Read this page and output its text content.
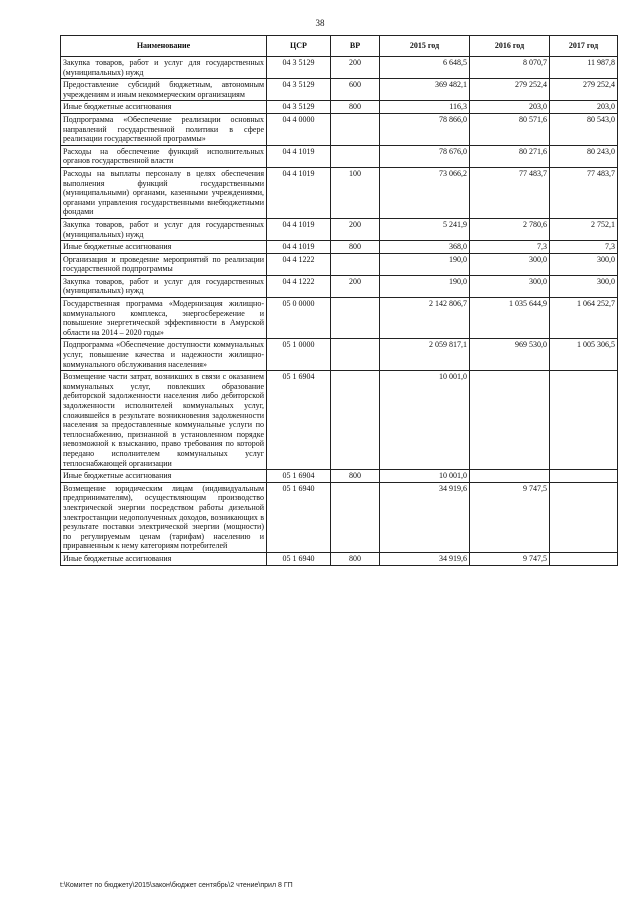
38
Наименование	ЦСР	ВР	2015 год	2016 год	2017 год
Закупка товаров, работ и услуг для государственных (муниципальных) нужд	04 3 5129	200	6 648,5	8 070,7	11 987,8
Предоставление субсидий бюджетным, автономным учреждениям и иным некоммерческим организациям	04 3 5129	600	369 482,1	279 252,4	279 252,4
Иные бюджетные ассигнования	04 3 5129	800	116,3	203,0	203,0
Подпрограмма «Обеспечение реализации основных направлений государственной политики в сфере реализации государственной программы»	04 4 0000		78 866,0	80 571,6	80 543,0
Расходы на обеспечение функций исполнительных органов государственной власти	04 4 1019		78 676,0	80 271,6	80 243,0
Расходы на выплаты персоналу в целях обеспечения выполнения функций государственными (муниципальными) органами, казенными учреждениями, органами управления государственными внебюджетными фондами	04 4 1019	100	73 066,2	77 483,7	77 483,7
Закупка товаров, работ и услуг для государственных (муниципальных) нужд	04 4 1019	200	5 241,9	2 780,6	2 752,1
Иные бюджетные ассигнования	04 4 1019	800	368,0	7,3	7,3
Организация и проведение мероприятий по реализации государственной подпрограммы	04 4 1222		190,0	300,0	300,0
Закупка товаров, работ и услуг для государственных (муниципальных) нужд	04 4 1222	200	190,0	300,0	300,0
Государственная программа «Модернизация жилищно-коммунального комплекса, энергосбережение и повышение энергетической эффективности в Амурской области на 2014 – 2020 годы»	05 0 0000		2 142 806,7	1 035 644,9	1 064 252,7
Подпрограмма «Обеспечение доступности коммунальных услуг, повышение качества и надежности жилищно-коммунального обслуживания населения»	05 1 0000		2 059 817,1	969 530,0	1 005 306,5
Возмещение части затрат, возникших в связи с оказанием коммунальных услуг, повлекших образование дебиторской задолженности населения либо дебиторской задолженности исполнителей коммунальных услуг, сложившейся в результате возникновения задолженности населения за предоставленные коммунальные услуги по теплоснабжению, признанной в установленном порядке невозможной к взысканию, право требования по которой передано исполнителем коммунальных услуг теплоснабжающей организации	05 1 6904		10 001,0		
Иные бюджетные ассигнования	05 1 6904	800	10 001,0		
Возмещение юридическим лицам (индивидуальным предпринимателям), осуществляющим производство электрической энергии посредством работы дизельной электростанции недополученных доходов, возникающих в результате поставки электрической энергии (мощности) по регулируемым ценам (тарифам) населению и приравненным к нему категориям потребителей	05 1 6940		34 919,6	9 747,5	
Иные бюджетные ассигнования	05 1 6940	800	34 919,6	9 747,5	
t:\Комитет по бюджету\2015\закон\бюджет сентябрь\2 чтение\прил 8 ГП
